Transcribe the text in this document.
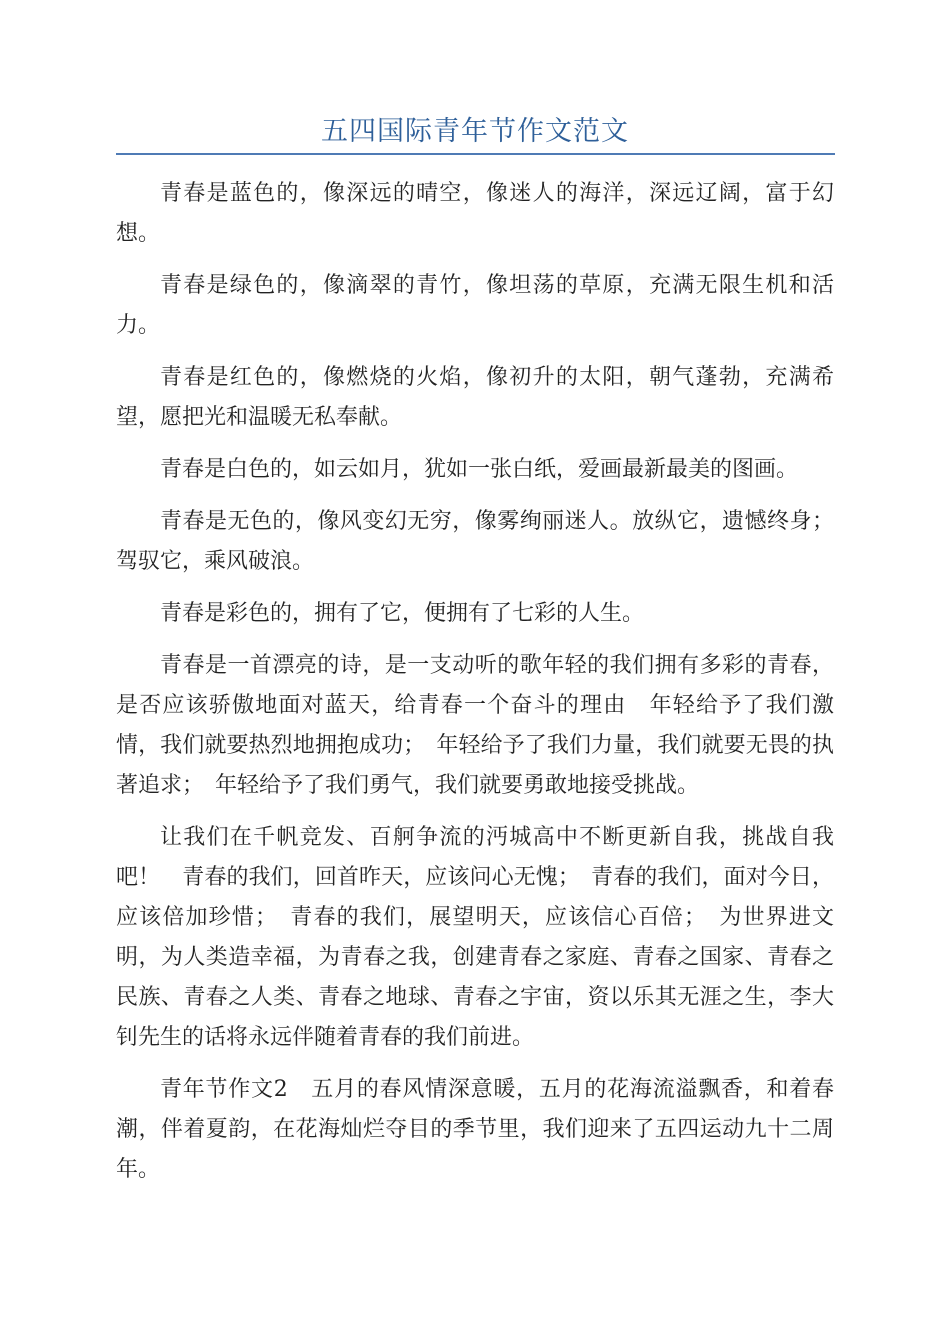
五四国际青年节作文范文

青春是蓝色的，像深远的晴空，像迷人的海洋，深远辽阔，富于幻想。

青春是绿色的，像滴翠的青竹，像坦荡的草原，充满无限生机和活力。

青春是红色的，像燃烧的火焰，像初升的太阳，朝气蓬勃，充满希望，愿把光和温暖无私奉献。

青春是白色的，如云如月，犹如一张白纸，爱画最新最美的图画。

青春是无色的，像风变幻无穷，像雾绚丽迷人。放纵它，遗憾终身；驾驭它，乘风破浪。

青春是彩色的，拥有了它，便拥有了七彩的人生。

青春是一首漂亮的诗，是一支动听的歌年轻的我们拥有多彩的青春，是否应该骄傲地面对蓝天，给青春一个奋斗的理由　年轻给予了我们激情，我们就要热烈地拥抱成功；　年轻给予了我们力量，我们就要无畏的执著追求；　年轻给予了我们勇气，我们就要勇敢地接受挑战。

让我们在千帆竞发、百舸争流的沔城高中不断更新自我，挑战自我吧！　青春的我们，回首昨天，应该问心无愧；　青春的我们，面对今日，应该倍加珍惜；　青春的我们，展望明天，应该信心百倍；　为世界进文明，为人类造幸福，为青春之我，创建青春之家庭、青春之国家、青春之民族、青春之人类、青春之地球、青春之宇宙，资以乐其无涯之生，李大钊先生的话将永远伴随着青春的我们前进。

青年节作文2　五月的春风情深意暖，五月的花海流溢飘香，和着春潮，伴着夏韵，在花海灿烂夺目的季节里，我们迎来了五四运动九十二周年。
